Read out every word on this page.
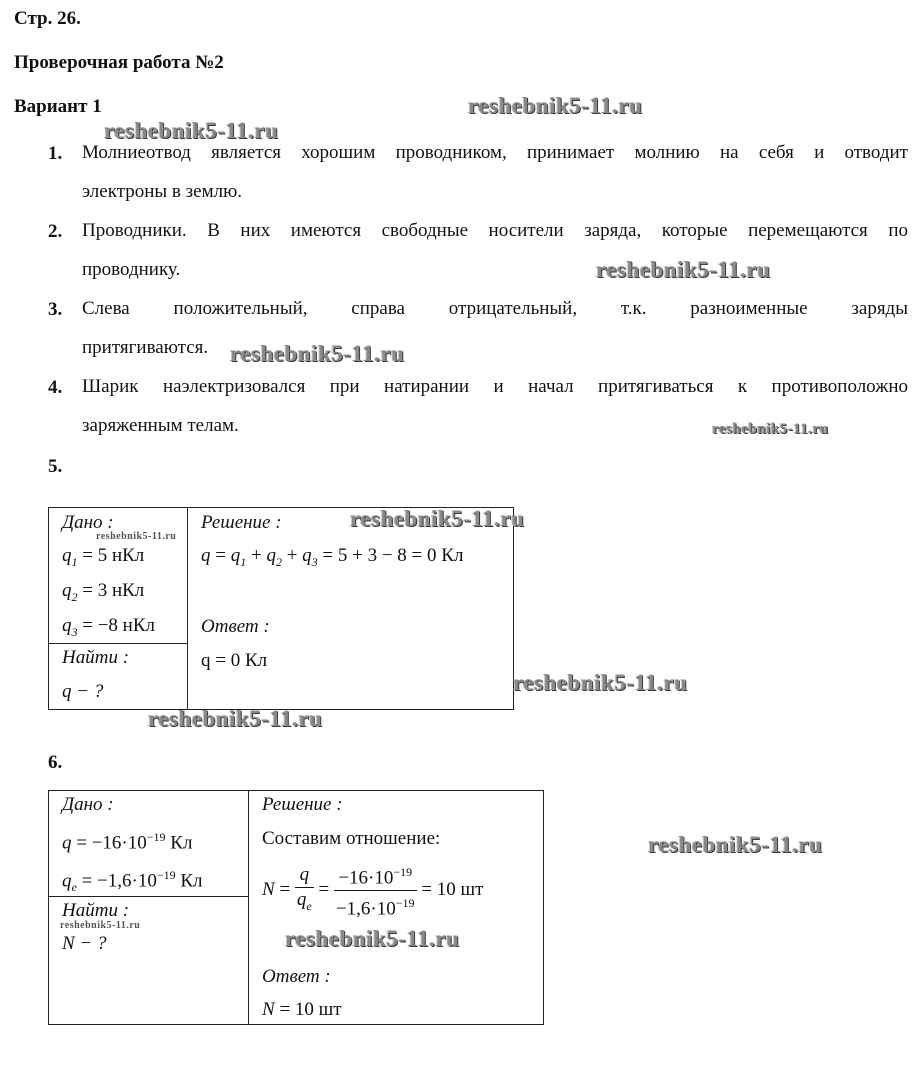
Стр. 26.
Проверочная работа №2
Вариант 1
1. Молниеотвод является хорошим проводником, принимает молнию на себя и отводит
электроны в землю.
2. Проводники. В них имеются свободные носители заряда, которые перемещаются по
проводнику.
3. Слева положительный, справа отрицательный, т.к. разноименные заряды
притягиваются.
4. Шарик наэлектризовался при натирании и начал притягиваться к противоположно
заряженным телам.
5.
Дано :
$q_1 = 5$ нКл
$q_2 = 3$ нКл
$q_3 = -8$ нКл
Найти :
q − ?
Решение :
$q = q_1 + q_2 + q_3 = 5 + 3 - 8 = 0$ Кл
Ответ :
q = 0 Кл
6.
Дано :
$q = -16\cdot 10^{-19}$ Кл
$q_e = -1,6\cdot 10^{-19}$ Кл
Найти :
N − ?
Решение :
Составим отношение:
$N = \frac{q}{q_e} = \frac{-16\cdot 10^{-19}}{-1,6\cdot 10^{-19}} = 10$ шт
Ответ :
N = 10 шт
reshebnik5-11.ru
reshebnik5-11.ru
reshebnik5-11.ru
reshebnik5-11.ru
reshebnik5-11.ru
reshebnik5-11.ru
reshebnik5-11.ru
reshebnik5-11.ru
reshebnik5-11.ru
reshebnik5-11.ru
reshebnik5-11.ru
reshebnik5-11.ru
